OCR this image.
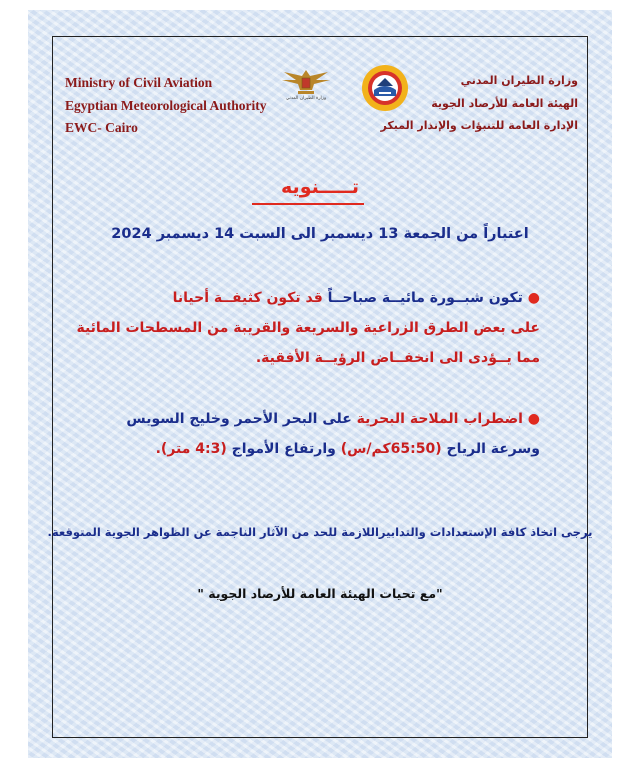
Ministry of Civil Aviation
Egyptian Meteorological Authority
EWC- Cairo
وزارة الطيران المدني
وزارة الطيران المدني
الهيئة العامة للأرصاد الجوية
الإدارة العامة للتنبؤات والإنذار المبكر
تـــــنويه
اعتباراً من الجمعة 13 ديسمبر الى السبت 14 ديسمبر 2024
● تكون شبــورة مائيــة صباحــاً قد تكون كثيفــة أحيانا
على بعض الطرق الزراعية والسريعة والقريبة من المسطحات المائية
مما يــؤدى الى انخفــاض الرؤيــة الأفقية.
● اضطراب الملاحة البحرية على البحر الأحمر وخليج السويس
وسرعة الرياح (65:50كم/س) وارتفاع الأمواج (4:3 متر).
يرجى اتخاذ كافة الإستعدادات والتدابيراللازمة للحد من الآثار الناجمة عن الظواهر الجوية المتوقعة.
"مع تحيات الهيئة العامة للأرصاد الجوية "
